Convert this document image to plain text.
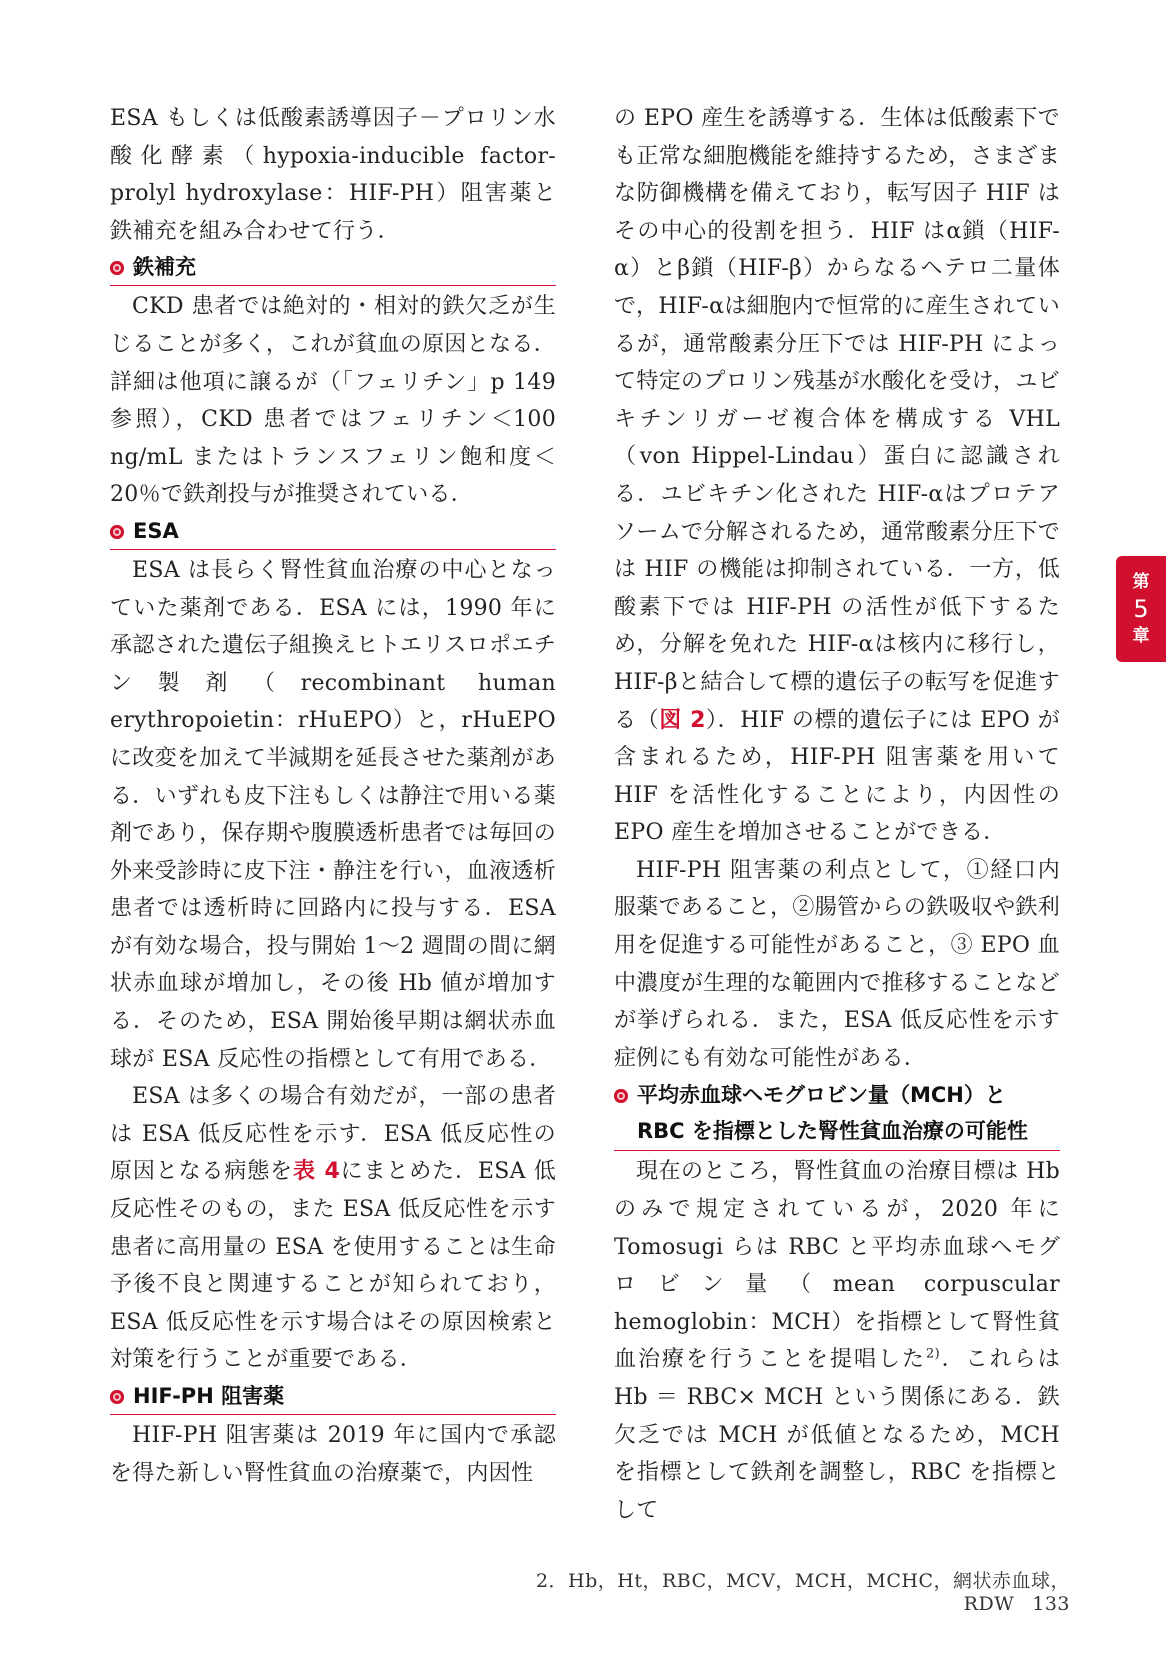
ESA もしくは低酸素誘導因子－プロリン水酸化酵素（hypoxia-inducible factor-prolyl hydroxylase：HIF-PH）阻害薬と鉄補充を組み合わせて行う．

鉄補充

CKD 患者では絶対的・相対的鉄欠乏が生じることが多く，これが貧血の原因となる．詳細は他項に譲るが（「フェリチン」p 149 参照），CKD 患者ではフェリチン＜100 ng/mL またはトランスフェリン飽和度＜20％で鉄剤投与が推奨されている．

ESA

ESA は長らく腎性貧血治療の中心となっていた薬剤である．ESA には，1990 年に承認された遺伝子組換えヒトエリスロポエチン製剤（recombinant human erythropoietin：rHuEPO）と，rHuEPO に改変を加えて半減期を延長させた薬剤がある．いずれも皮下注もしくは静注で用いる薬剤であり，保存期や腹膜透析患者では毎回の外来受診時に皮下注・静注を行い，血液透析患者では透析時に回路内に投与する．ESA が有効な場合，投与開始 1～2 週間の間に網状赤血球が増加し，その後 Hb 値が増加する．そのため，ESA 開始後早期は網状赤血球が ESA 反応性の指標として有用である．

ESA は多くの場合有効だが，一部の患者は ESA 低反応性を示す．ESA 低反応性の原因となる病態を表 4にまとめた．ESA 低反応性そのもの，また ESA 低反応性を示す患者に高用量の ESA を使用することは生命予後不良と関連することが知られており，ESA 低反応性を示す場合はその原因検索と対策を行うことが重要である．

HIF-PH 阻害薬

HIF-PH 阻害薬は 2019 年に国内で承認を得た新しい腎性貧血の治療薬で，内因性

の EPO 産生を誘導する．生体は低酸素下でも正常な細胞機能を維持するため，さまざまな防御機構を備えており，転写因子 HIF はその中心的役割を担う．HIF はα鎖（HIF-α）とβ鎖（HIF-β）からなるヘテロ二量体で，HIF-αは細胞内で恒常的に産生されているが，通常酸素分圧下では HIF-PH によって特定のプロリン残基が水酸化を受け，ユビキチンリガーゼ複合体を構成する VHL（von Hippel-Lindau）蛋白に認識される．ユビキチン化された HIF-αはプロテアソームで分解されるため，通常酸素分圧下では HIF の機能は抑制されている．一方，低酸素下では HIF-PH の活性が低下するため，分解を免れた HIF-αは核内に移行し，HIF-βと結合して標的遺伝子の転写を促進する（図 2）．HIF の標的遺伝子には EPO が含まれるため，HIF-PH 阻害薬を用いて HIF を活性化することにより，内因性の EPO 産生を増加させることができる．

HIF-PH 阻害薬の利点として，①経口内服薬であること，②腸管からの鉄吸収や鉄利用を促進する可能性があること，③ EPO 血中濃度が生理的な範囲内で推移することなどが挙げられる．また，ESA 低反応性を示す症例にも有効な可能性がある．

平均赤血球ヘモグロビン量（MCH）と
RBC を指標とした腎性貧血治療の可能性

現在のところ，腎性貧血の治療目標は Hb のみで規定されているが，2020 年に Tomosugi らは RBC と平均赤血球ヘモグロビン量（mean corpuscular hemoglobin：MCH）を指標として腎性貧血治療を行うことを提唱した$^{2)}$．これらは Hb ＝ RBC× MCH という関係にある．鉄欠乏では MCH が低値となるため，MCH を指標として鉄剤を調整し，RBC を指標として

第
5
章
2．Hb，Ht，RBC，MCV，MCH，MCHC，網状赤血球，RDW 133
